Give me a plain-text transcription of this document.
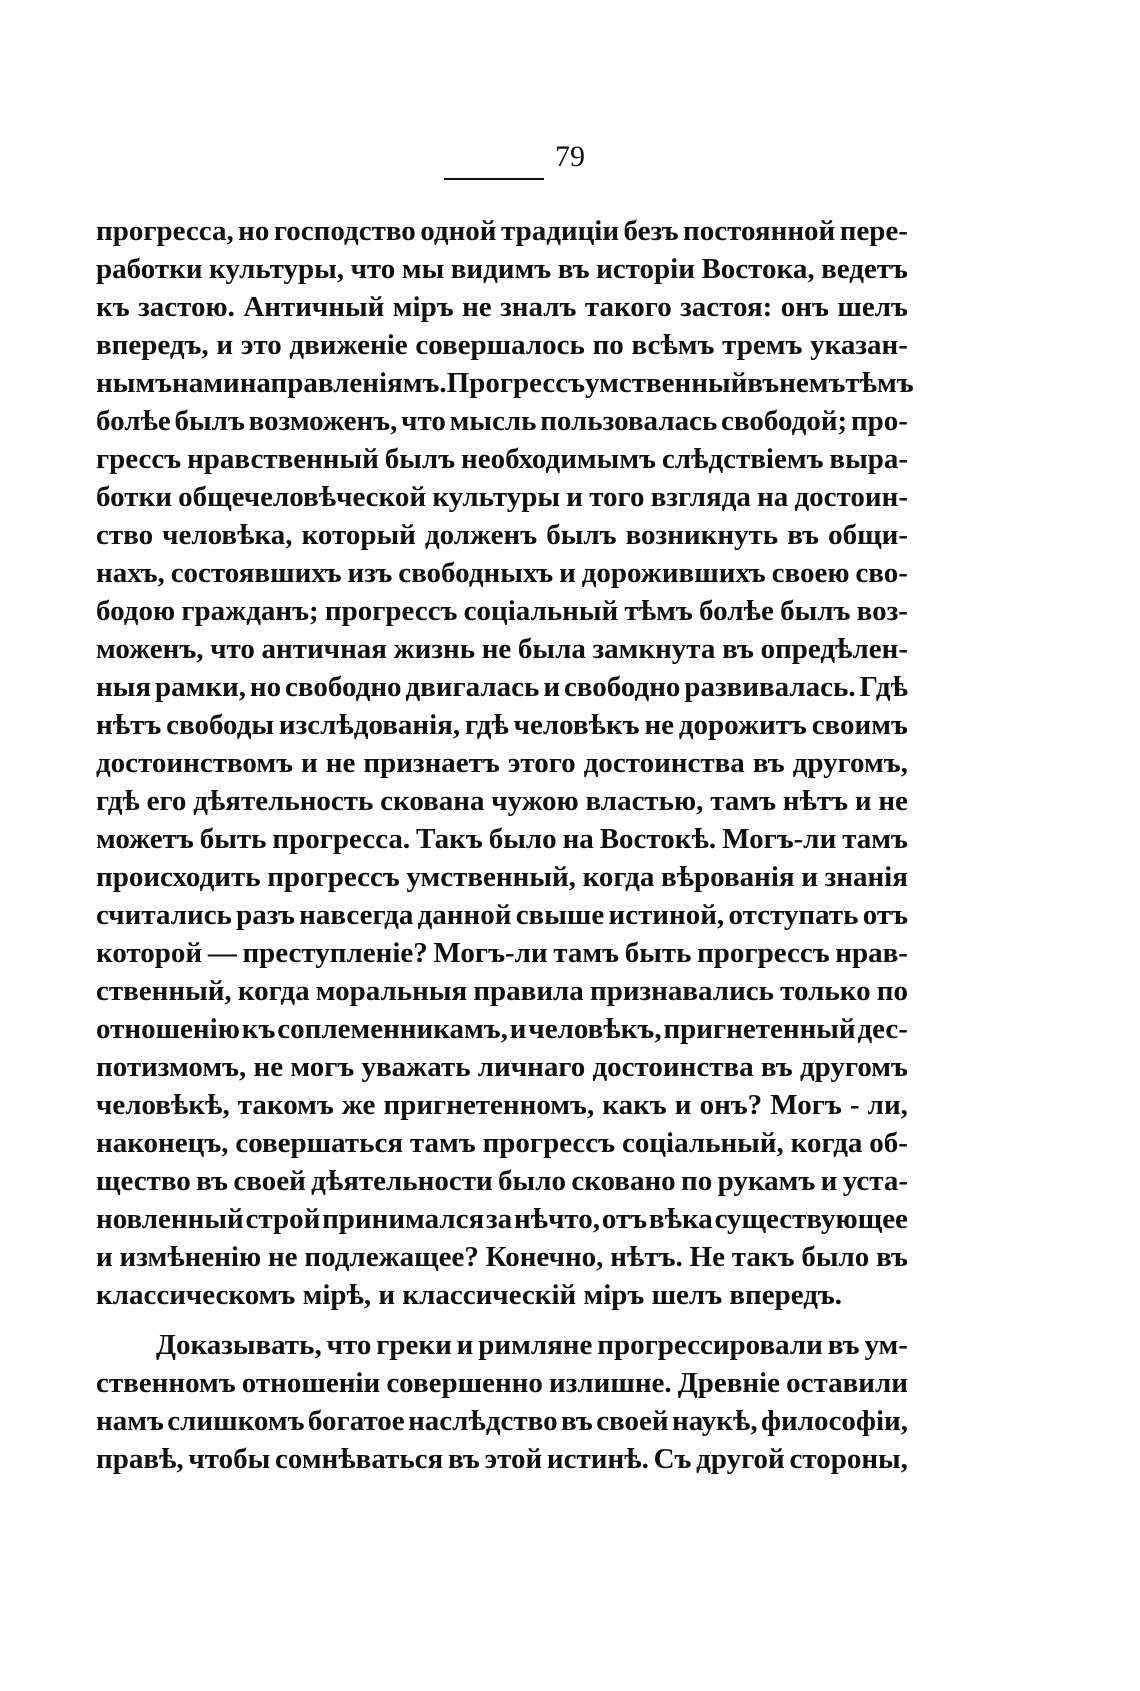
79
прогресса, но господство одной традиціи безъ постоянной пере-
работки культуры, что мы видимъ въ исторіи Востока, ведетъ
къ застою. Античный міръ не зналъ такого застоя: онъ шелъ
впередъ, и это движеніе совершалось по всѣмъ тремъ указан-
нымъ нами направленіямъ. Прогрессъ умственный въ немъ тѣмъ
болѣе былъ возможенъ, что мысль пользовалась свободой; про-
грессъ нравственный былъ необходимымъ слѣдствіемъ выра-
ботки общечеловѣческой культуры и того взгляда на достоин-
ство человѣка, который долженъ былъ возникнуть въ общи-
нахъ, состоявшихъ изъ свободныхъ и дорожившихъ своею сво-
бодою гражданъ; прогрессъ соціальный тѣмъ болѣе былъ воз-
моженъ, что античная жизнь не была замкнута въ опредѣлен-
ныя рамки, но свободно двигалась и свободно развивалась. Гдѣ
нѣтъ свободы изслѣдованія, гдѣ человѣкъ не дорожитъ своимъ
достоинствомъ и не признаетъ этого достоинства въ другомъ,
гдѣ его дѣятельность скована чужою властью, тамъ нѣтъ и не
можетъ быть прогресса. Такъ было на Востокѣ. Могъ-ли тамъ
происходить прогрессъ умственный, когда вѣрованія и знанія
считались разъ навсегда данной свыше истиной, отступать отъ
которой — преступленіе? Могъ-ли тамъ быть прогрессъ нрав-
ственный, когда моральныя правила признавались только по
отношенію къ соплеменникамъ, и человѣкъ, пригнетенный дес-
потизмомъ, не могъ уважать личнаго достоинства въ другомъ
человѣкѣ, такомъ же пригнетенномъ, какъ и онъ? Могъ - ли,
наконецъ, совершаться тамъ прогрессъ соціальный, когда об-
щество въ своей дѣятельности было сковано по рукамъ и уста-
новленный строй принимался за нѣчто, отъ вѣка существующее
и измѣненію не подлежащее? Конечно, нѣтъ. Не такъ было въ
классическомъ мірѣ, и классическій міръ шелъ впередъ.
Доказывать, что греки и римляне прогрессировали въ ум-
ственномъ отношеніи совершенно излишне. Древніе оставили
намъ слишкомъ богатое наслѣдство въ своей наукѣ, философіи,
правѣ, чтобы сомнѣваться въ этой истинѣ. Съ другой стороны,
